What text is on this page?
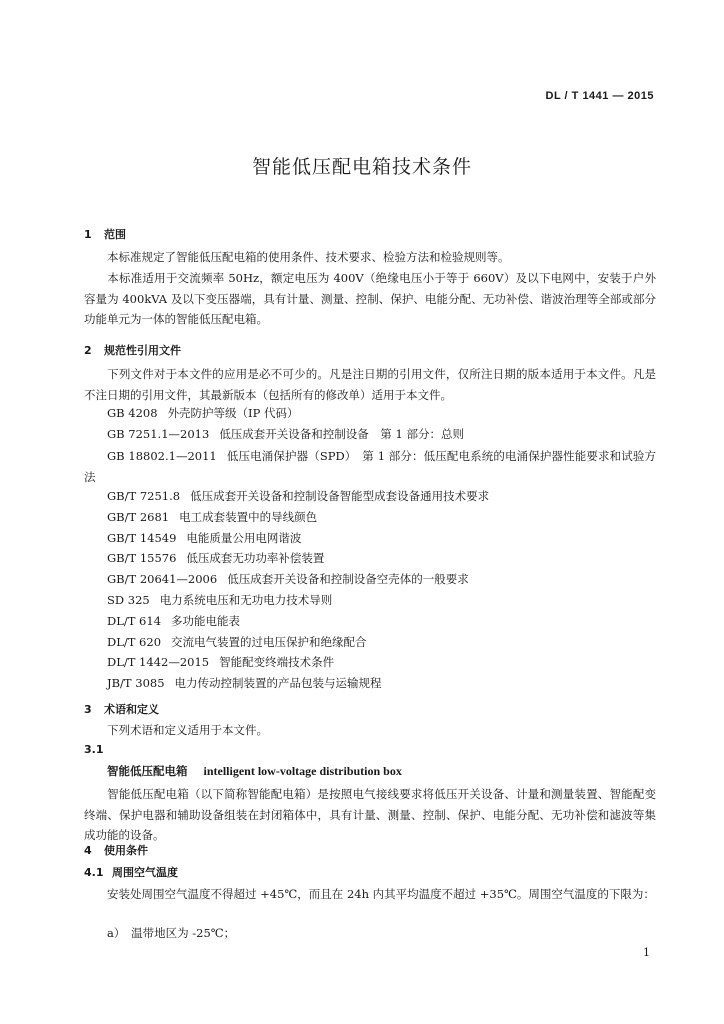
DL / T 1441 — 2015
智能低压配电箱技术条件
1 范围
本标准规定了智能低压配电箱的使用条件、技术要求、检验方法和检验规则等。
本标准适用于交流频率 50Hz，额定电压为 400V（绝缘电压小于等于 660V）及以下电网中，安装于户外容量为 400kVA 及以下变压器端，具有计量、测量、控制、保护、电能分配、无功补偿、谐波治理等全部或部分功能单元为一体的智能低压配电箱。
2 规范性引用文件
下列文件对于本文件的应用是必不可少的。凡是注日期的引用文件，仅所注日期的版本适用于本文件。凡是不注日期的引用文件，其最新版本（包括所有的修改单）适用于本文件。
GB 4208 外壳防护等级（IP 代码）
GB 7251.1—2013 低压成套开关设备和控制设备　第 1 部分：总则
GB 18802.1—2011 低压电涌保护器（SPD）　第 1 部分：低压配电系统的电涌保护器性能要求和试验方法
GB/T 7251.8 低压成套开关设备和控制设备智能型成套设备通用技术要求
GB/T 2681 电工成套装置中的导线颜色
GB/T 14549 电能质量公用电网谐波
GB/T 15576 低压成套无功功率补偿装置
GB/T 20641—2006 低压成套开关设备和控制设备空壳体的一般要求
SD 325 电力系统电压和无功电力技术导则
DL/T 614 多功能电能表
DL/T 620 交流电气装置的过电压保护和绝缘配合
DL/T 1442—2015 智能配变终端技术条件
JB/T 3085 电力传动控制装置的产品包装与运输规程
3 术语和定义
下列术语和定义适用于本文件。
3.1
智能低压配电箱 intelligent low-voltage distribution box
智能低压配电箱（以下简称智能配电箱）是按照电气接线要求将低压开关设备、计量和测量装置、智能配变终端、保护电器和辅助设备组装在封闭箱体中，具有计量、测量、控制、保护、电能分配、无功补偿和滤波等集成功能的设备。
4 使用条件
4.1 周围空气温度
安装处周围空气温度不得超过 +45℃，而且在 24h 内其平均温度不超过 +35℃。周围空气温度的下限为：
a）　温带地区为 -25℃；
1
